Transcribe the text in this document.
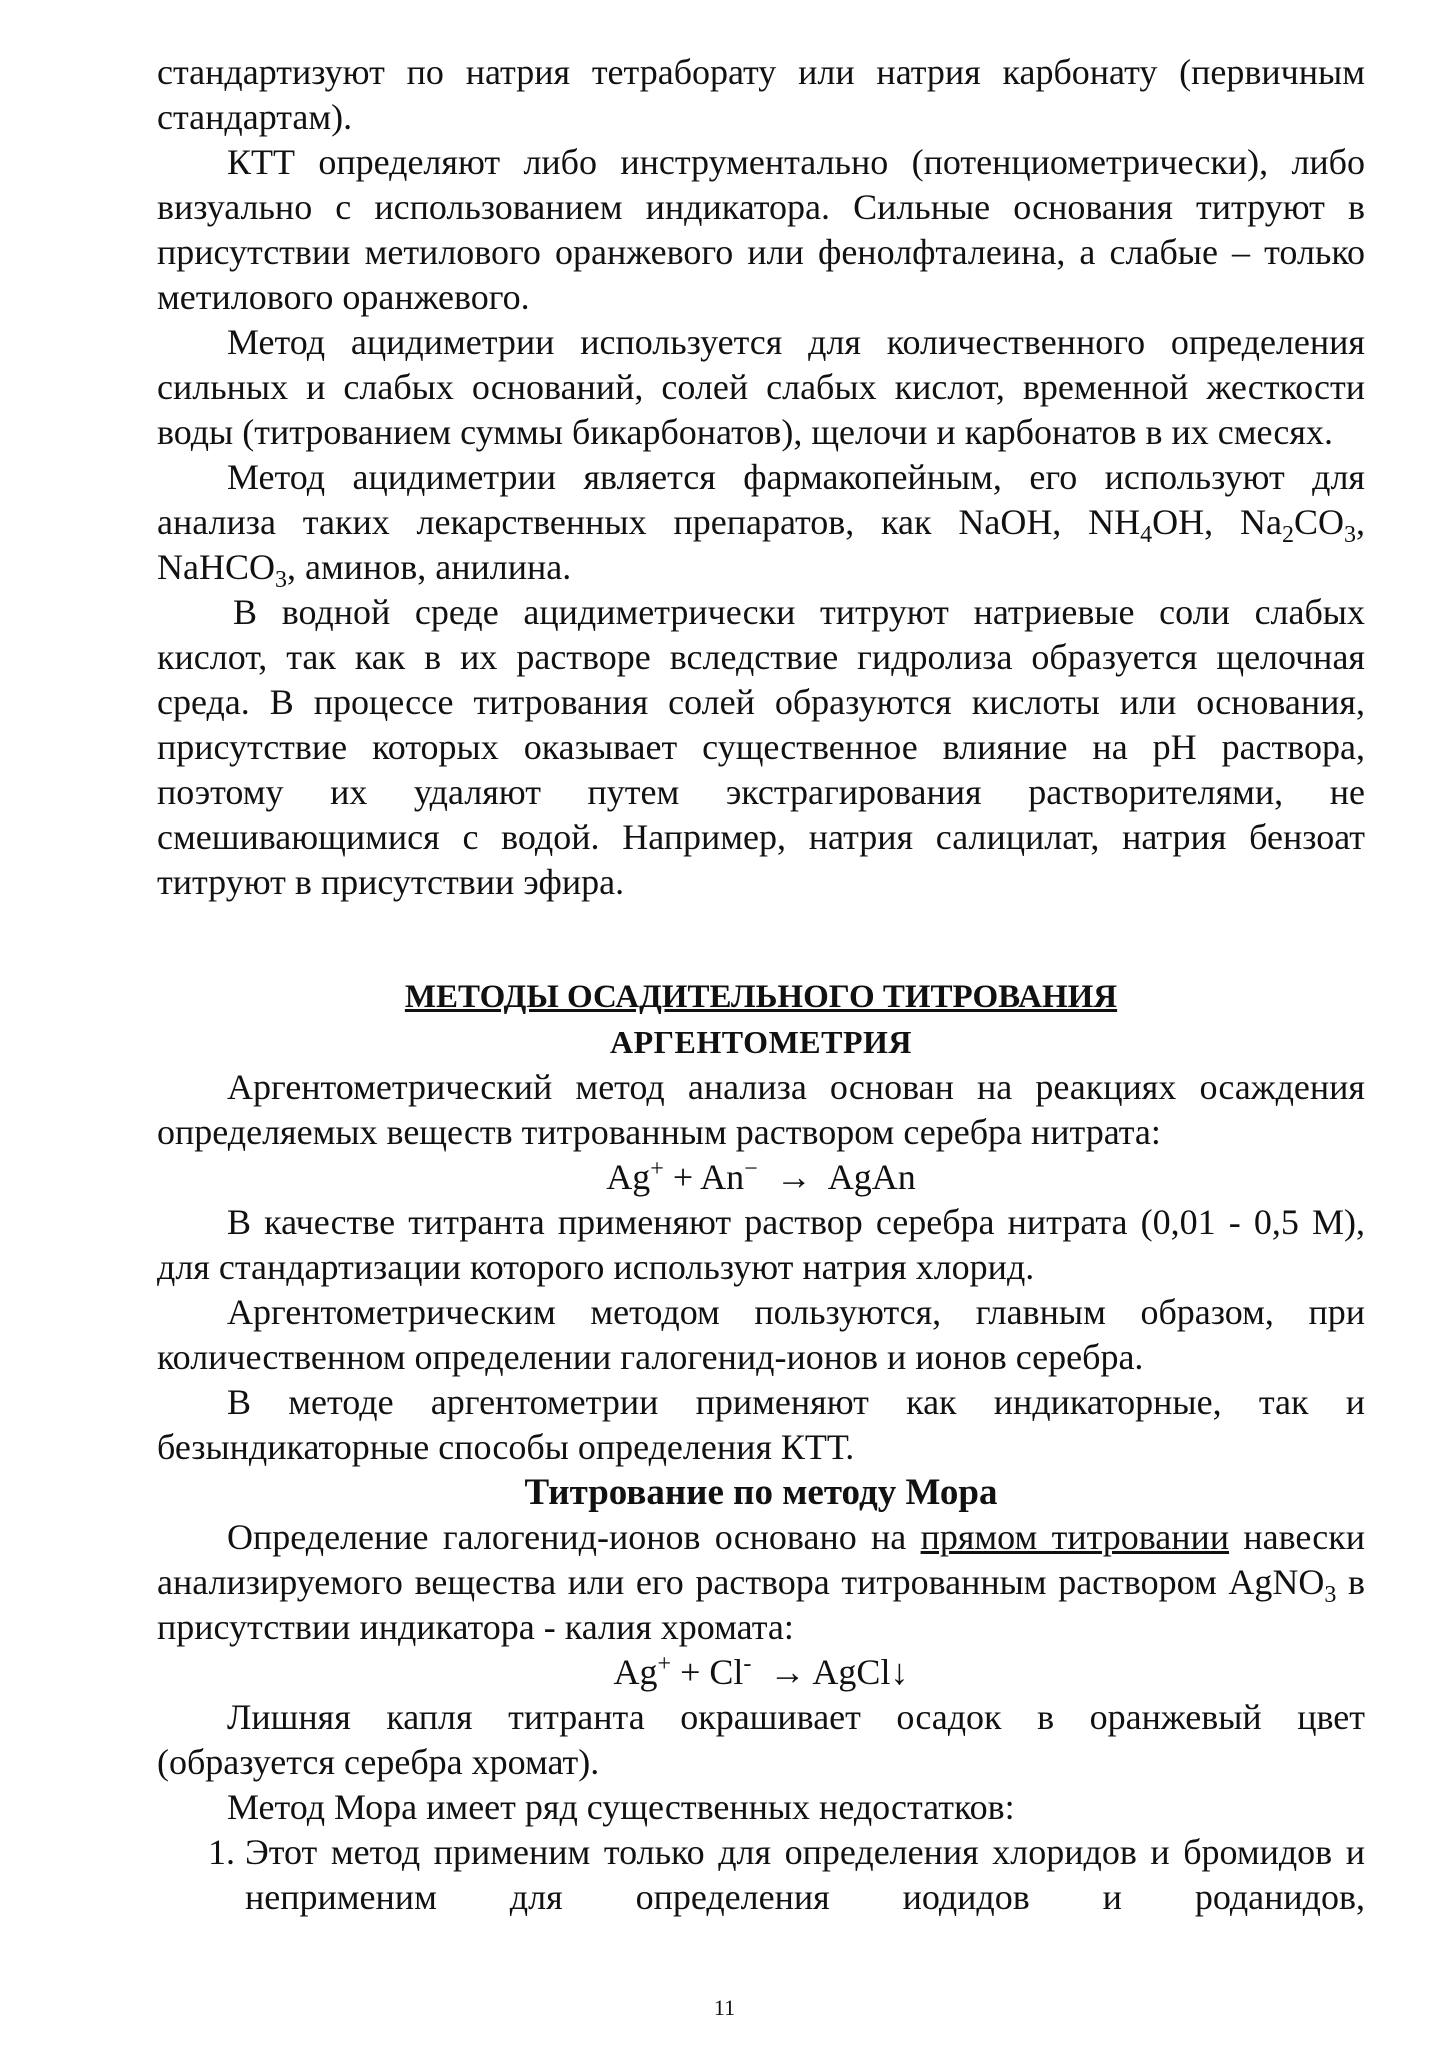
стандартизуют по натрия тетраборату или натрия карбонату (первичным стандартам).

КТТ определяют либо инструментально (потенциометрически), либо визуально с использованием индикатора. Сильные основания титруют в присутствии метилового оранжевого или фенолфталеина, а слабые – только метилового оранжевого.

Метод ацидиметрии используется для количественного определения сильных и слабых оснований, солей слабых кислот, временной жесткости воды (титрованием суммы бикарбонатов), щелочи и карбонатов в их смесях.

Метод ацидиметрии является фармакопейным, его используют для анализа таких лекарственных препаратов, как NaOH, $NH_4OH$, $Na_2CO_3$, NaHCO$_3$, аминов, анилина.

В водной среде ацидиметрически титруют натриевые соли слабых кислот, так как в их растворе вследствие гидролиза образуется щелочная среда. В процессе титрования солей образуются кислоты или основания, присутствие которых оказывает существенное влияние на рН раствора, поэтому их удаляют путем экстрагирования растворителями, не смешивающимися с водой. Например, натрия салицилат, натрия бензоат титруют в присутствии эфира.

МЕТОДЫ ОСАДИТЕЛЬНОГО ТИТРОВАНИЯ

АРГЕНТОМЕТРИЯ

Аргентометрический метод анализа основан на реакциях осаждения определяемых веществ титрованным раствором серебра нитрата:

Ag+ + An−  →  AgAn

В качестве титранта применяют раствор серебра нитрата (0,01 - 0,5 М), для стандартизации которого используют натрия хлорид.

Аргентометрическим методом пользуются, главным образом, при количественном определении галогенид-ионов и ионов серебра.

В методе аргентометрии применяют как индикаторные, так и безындикаторные способы определения КТТ.

Титрование по методу Мора

Определение галогенид-ионов основано на прямом титровании навески анализируемого вещества или его раствора титрованным раствором AgNO$_3$ в присутствии индикатора - калия хромата:

Ag+ + Cl-  → AgCl↓

Лишняя капля титранта окрашивает осадок в оранжевый цвет (образуется серебра хромат).

Метод Мора имеет ряд существенных недостатков:

1. Этот метод применим только для определения хлоридов и бромидов и неприменим для определения иодидов и роданидов,
11
